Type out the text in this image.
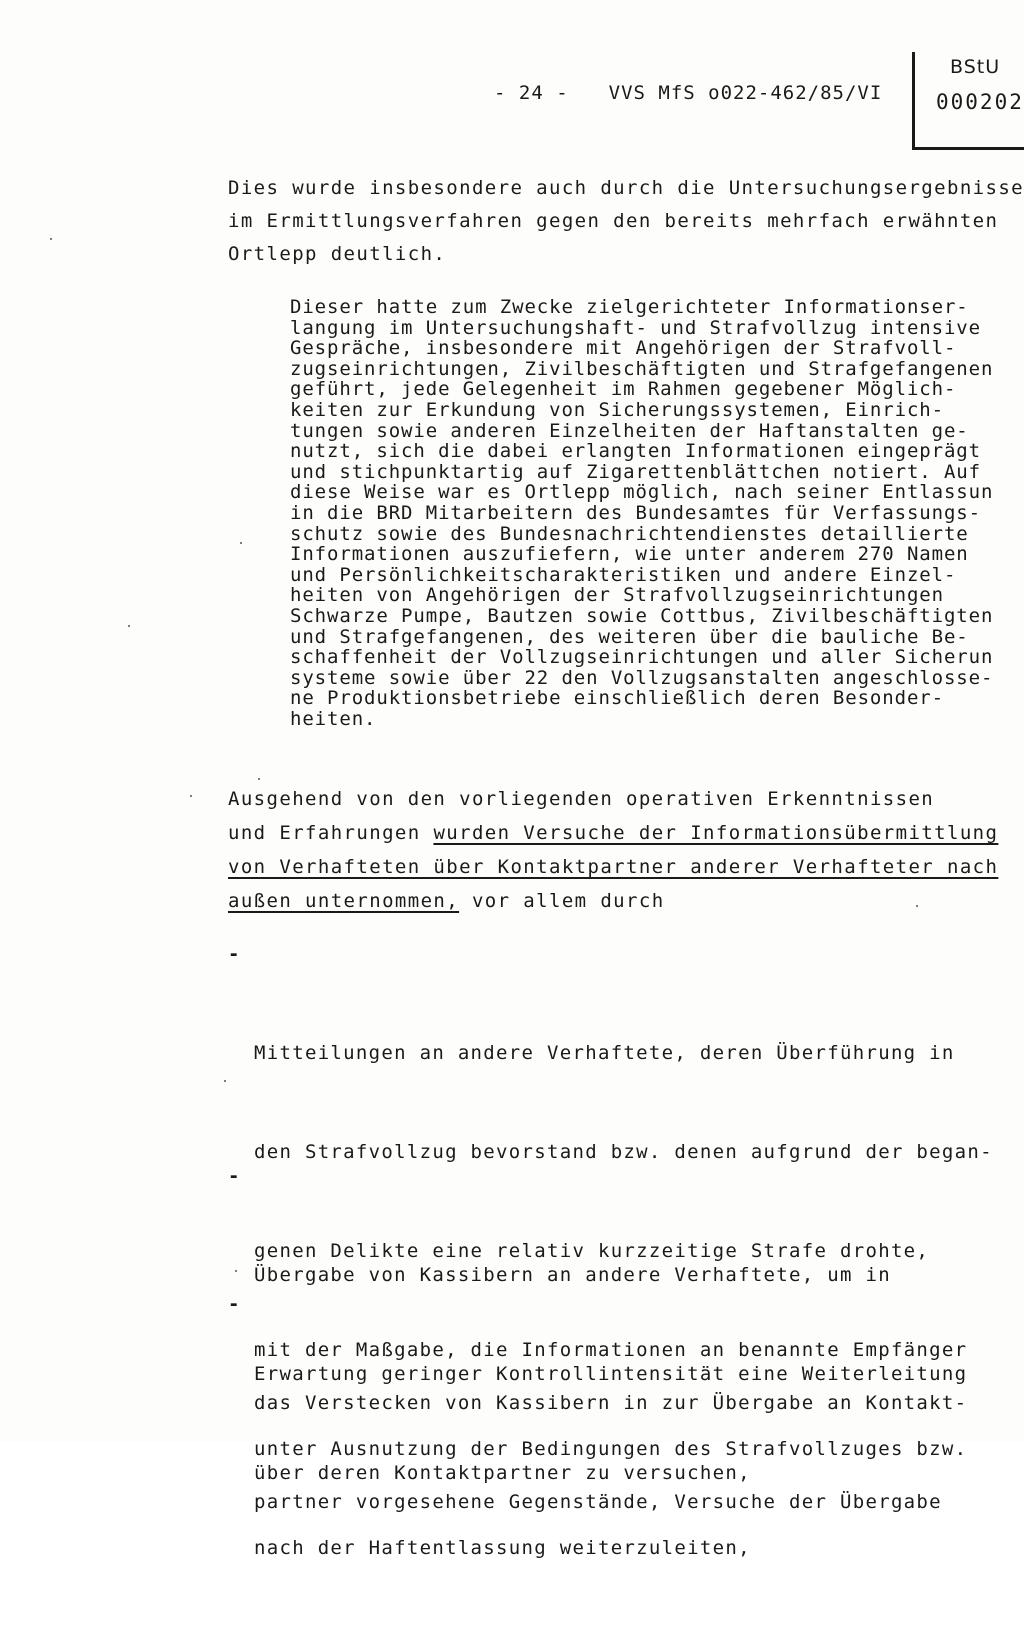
BStU
000202
- 24 - VVS MfS o022-462/85/VI

Dies wurde insbesondere auch durch die Untersuchungsergebnisse
im Ermittlungsverfahren gegen den bereits mehrfach erwähnten
Ortlepp deutlich.

Dieser hatte zum Zwecke zielgerichteter Informationser-
langung im Untersuchungshaft- und Strafvollzug intensive
Gespräche, insbesondere mit Angehörigen der Strafvoll-
zugseinrichtungen, Zivilbeschäftigten und Strafgefangenen
geführt, jede Gelegenheit im Rahmen gegebener Möglich-
keiten zur Erkundung von Sicherungssystemen, Einrich-
tungen sowie anderen Einzelheiten der Haftanstalten ge-
nutzt, sich die dabei erlangten Informationen eingeprägt
und stichpunktartig auf Zigarettenblättchen notiert. Auf
diese Weise war es Ortlepp möglich, nach seiner Entlassun
in die BRD Mitarbeitern des Bundesamtes für Verfassungs-
schutz sowie des Bundesnachrichtendienstes detaillierte
Informationen auszufiefern, wie unter anderem 270 Namen
und Persönlichkeitscharakteristiken und andere Einzel-
heiten von Angehörigen der Strafvollzugseinrichtungen
Schwarze Pumpe, Bautzen sowie Cottbus, Zivilbeschäftigten
und Strafgefangenen, des weiteren über die bauliche Be-
schaffenheit der Vollzugseinrichtungen und aller Sicherun
systeme sowie über 22 den Vollzugsanstalten angeschlosse-
ne Produktionsbetriebe einschließlich deren Besonder-
heiten.

Ausgehend von den vorliegenden operativen Erkenntnissen
und Erfahrungen wurden Versuche der Informationsübermittlung
von Verhafteten über Kontaktpartner anderer Verhafteter nach
außen unternommen, vor allem durch

-

Mitteilungen an andere Verhaftete, deren Überführung in

den Strafvollzug bevorstand bzw. denen aufgrund der began-

genen Delikte eine relativ kurzzeitige Strafe drohte,

mit der Maßgabe, die Informationen an benannte Empfänger

unter Ausnutzung der Bedingungen des Strafvollzuges bzw.

nach der Haftentlassung weiterzuleiten,

-

Übergabe von Kassibern an andere Verhaftete, um in

Erwartung geringer Kontrollintensität eine Weiterleitung

über deren Kontaktpartner zu versuchen,

-

das Verstecken von Kassibern in zur Übergabe an Kontakt-

partner vorgesehene Gegenstände, Versuche der Übergabe
